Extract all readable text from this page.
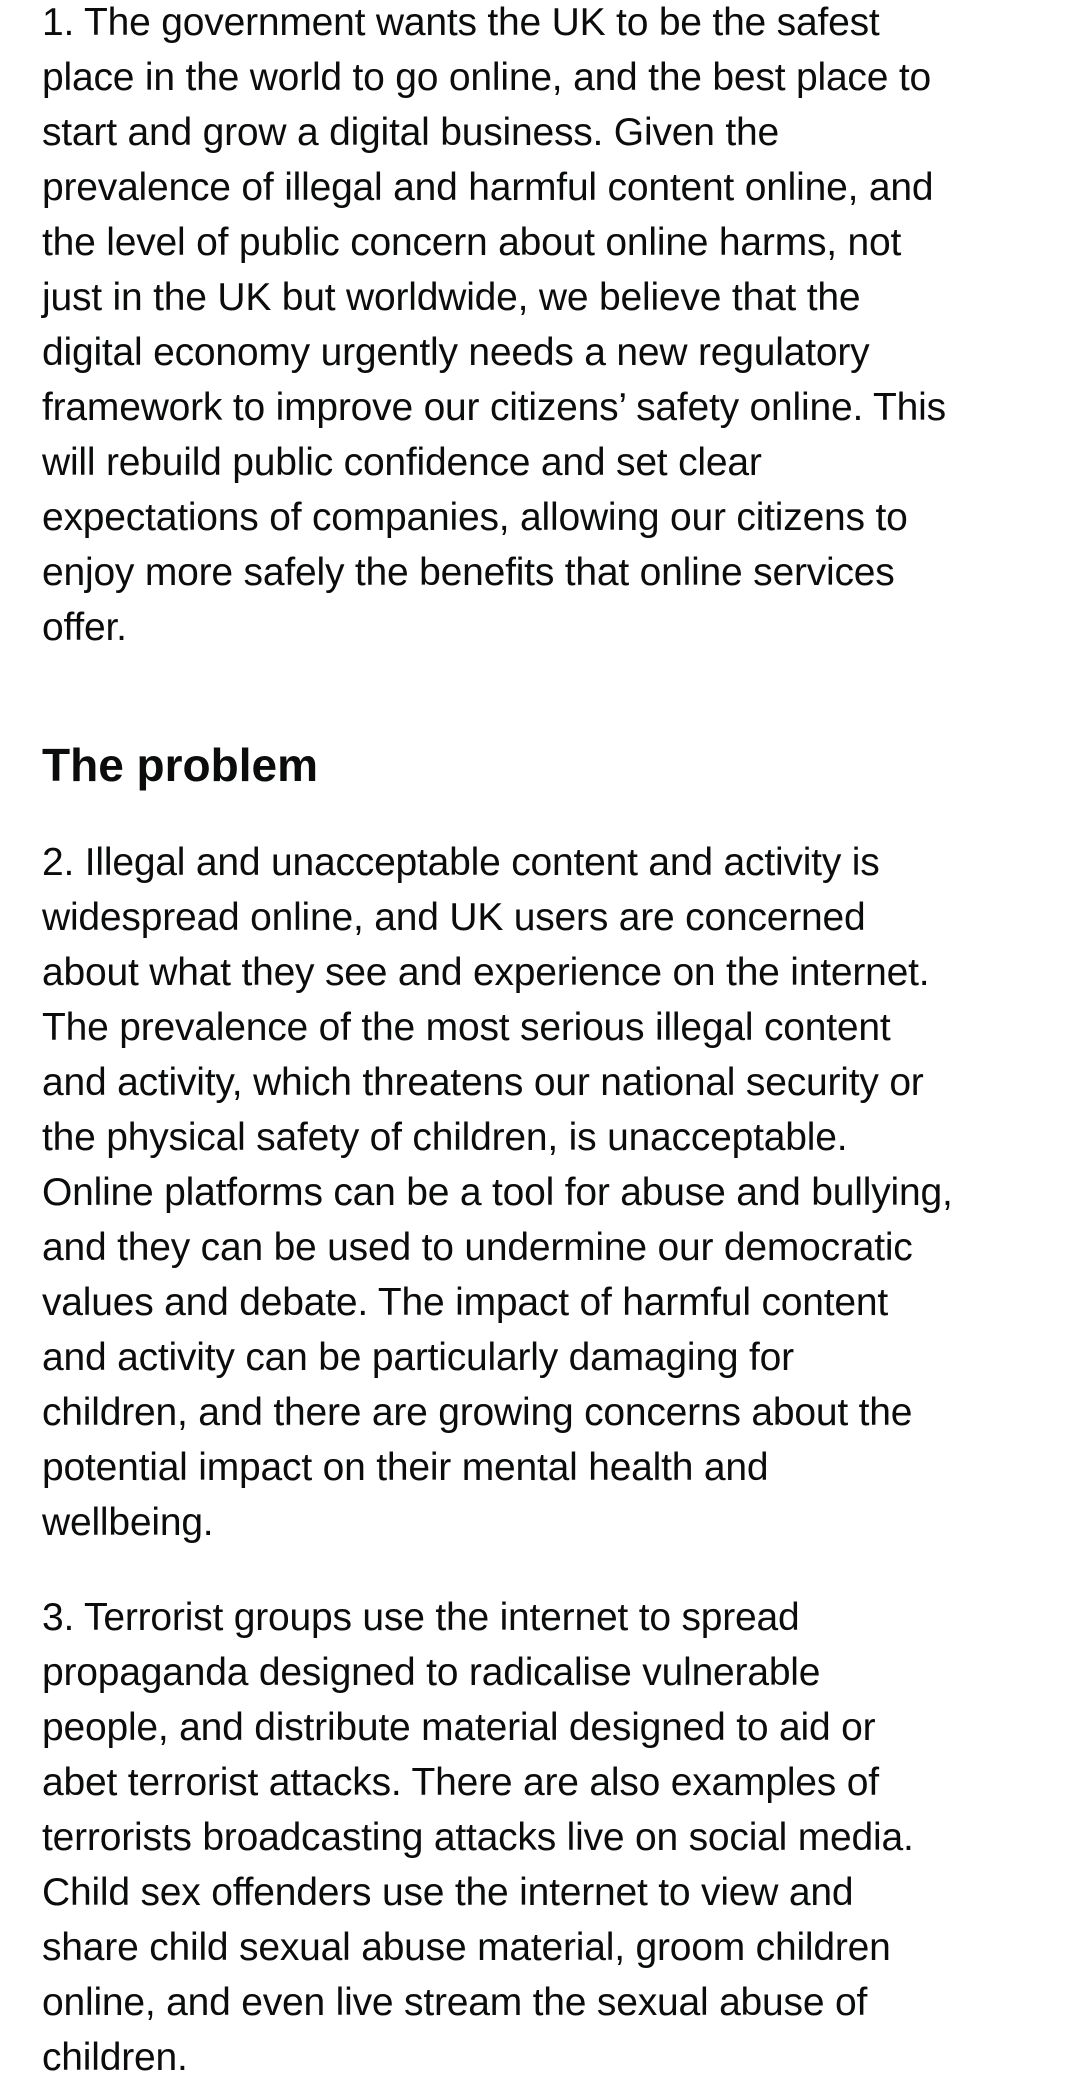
1. The government wants the UK to be the safest
place in the world to go online, and the best place to
start and grow a digital business. Given the
prevalence of illegal and harmful content online, and
the level of public concern about online harms, not
just in the UK but worldwide, we believe that the
digital economy urgently needs a new regulatory
framework to improve our citizens’ safety online. This
will rebuild public confidence and set clear
expectations of companies, allowing our citizens to
enjoy more safely the benefits that online services
offer.

The problem

2. Illegal and unacceptable content and activity is
widespread online, and UK users are concerned
about what they see and experience on the internet.
The prevalence of the most serious illegal content
and activity, which threatens our national security or
the physical safety of children, is unacceptable.
Online platforms can be a tool for abuse and bullying,
and they can be used to undermine our democratic
values and debate. The impact of harmful content
and activity can be particularly damaging for
children, and there are growing concerns about the
potential impact on their mental health and
wellbeing.

3. Terrorist groups use the internet to spread
propaganda designed to radicalise vulnerable
people, and distribute material designed to aid or
abet terrorist attacks. There are also examples of
terrorists broadcasting attacks live on social media.
Child sex offenders use the internet to view and
share child sexual abuse material, groom children
online, and even live stream the sexual abuse of
children.
